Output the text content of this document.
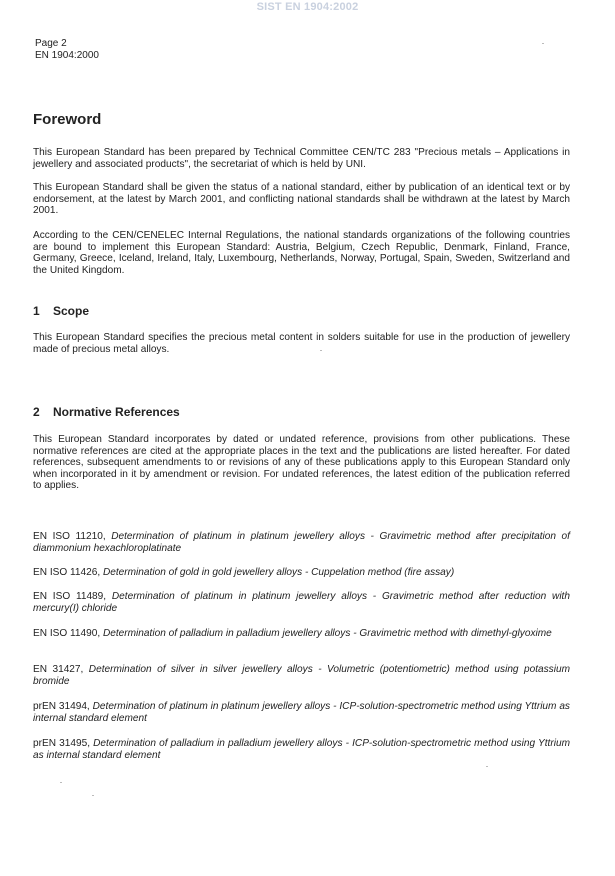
SIST EN 1904:2002
Page 2
EN 1904:2000
Foreword

This European Standard has been prepared by Technical Committee CEN/TC 283 "Precious metals – Applications in jewellery and associated products", the secretariat of which is held by UNI.

This European Standard shall be given the status of a national standard, either by publication of an identical text or by endorsement, at the latest by March 2001, and conflicting national standards shall be withdrawn at the latest by March 2001.

According to the CEN/CENELEC Internal Regulations, the national standards organizations of the following countries are bound to implement this European Standard: Austria, Belgium, Czech Republic, Denmark, Finland, France, Germany, Greece, Iceland, Ireland, Italy, Luxembourg, Netherlands, Norway, Portugal, Spain, Sweden, Switzerland and the United Kingdom.

1 Scope

This European Standard specifies the precious metal content in solders suitable for use in the production of jewellery made of precious metal alloys.

2 Normative References

This European Standard incorporates by dated or undated reference, provisions from other publications. These normative references are cited at the appropriate places in the text and the publications are listed hereafter. For dated references, subsequent amendments to or revisions of any of these publications apply to this European Standard only when incorporated in it by amendment or revision. For undated references, the latest edition of the publication referred to applies.

EN ISO 11210, Determination of platinum in platinum jewellery alloys - Gravimetric method after precipitation of diammonium hexachloroplatinate

EN ISO 11426, Determination of gold in gold jewellery alloys - Cuppelation method (fire assay)

EN ISO 11489, Determination of platinum in platinum jewellery alloys - Gravimetric method after reduction with mercury(I) chloride

EN ISO 11490, Determination of palladium in palladium jewellery alloys - Gravimetric method with dimethyl-glyoxime

EN 31427, Determination of silver in silver jewellery alloys - Volumetric (potentiometric) method using potassium bromide

prEN 31494, Determination of platinum in platinum jewellery alloys - ICP-solution-spectrometric method using Yttrium as internal standard element

prEN 31495, Determination of palladium in palladium jewellery alloys - ICP-solution-spectrometric method using Yttrium as internal standard element
